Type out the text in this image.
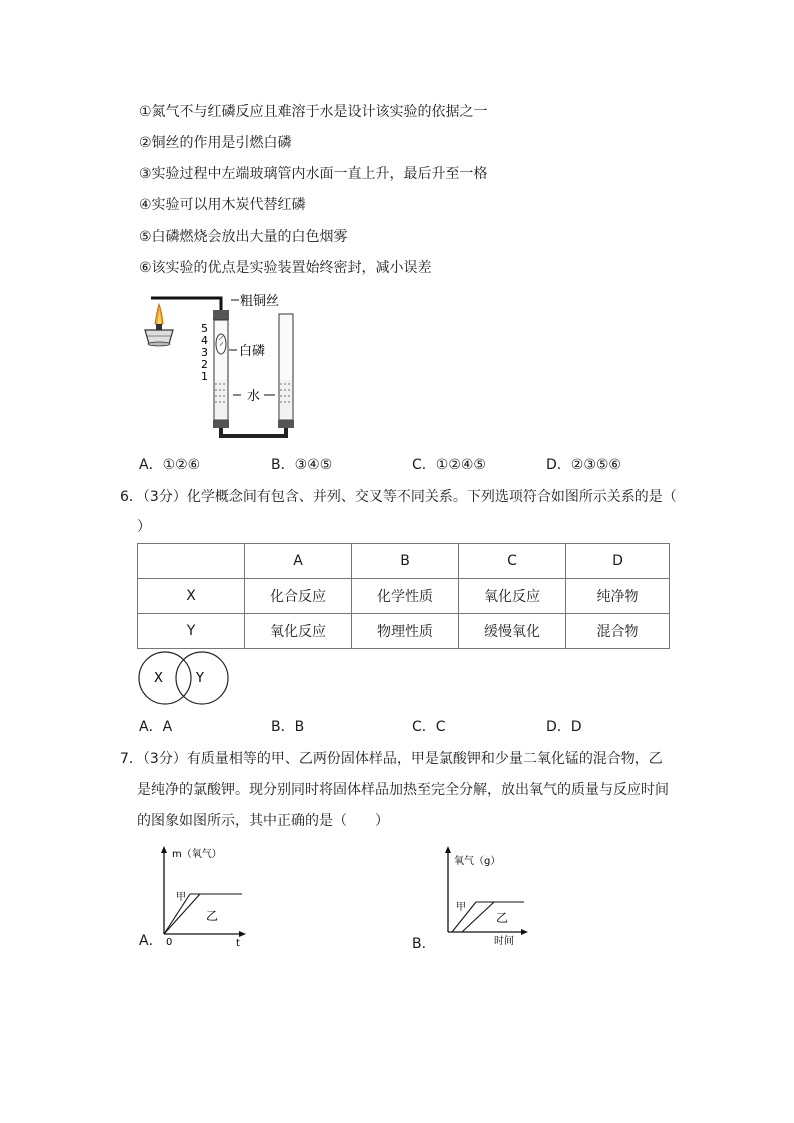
①氮气不与红磷反应且难溶于水是设计该实验的依据之一
②铜丝的作用是引燃白磷
③实验过程中左端玻璃管内水面一直上升，最后升至一格
④实验可以用木炭代替红磷
⑤白磷燃烧会放出大量的白色烟雾
⑥该实验的优点是实验装置始终密封，减小误差
5
4
3
2
1
粗铜丝
白磷
水
A．①②⑥	B．③④⑤	C．①②④⑤	D．②③⑤⑥
6．（3分）化学概念间有包含、并列、交叉等不同关系。下列选项符合如图所示关系的是（
）
	A	B	C	D
X	化合反应	化学性质	氧化反应	纯净物
Y	氧化反应	物理性质	缓慢氧化	混合物
X	Y
A．A	B．B	C．C	D．D
7．（3分）有质量相等的甲、乙两份固体样品，甲是氯酸钾和少量二氧化锰的混合物，乙
是纯净的氯酸钾。现分别同时将固体样品加热至完全分解，放出氧气的质量与反应时间
的图象如图所示，其中正确的是（　　）
A．
m（氧气）
0	t
甲
乙
B．
氧气（g）
时间
甲
乙
